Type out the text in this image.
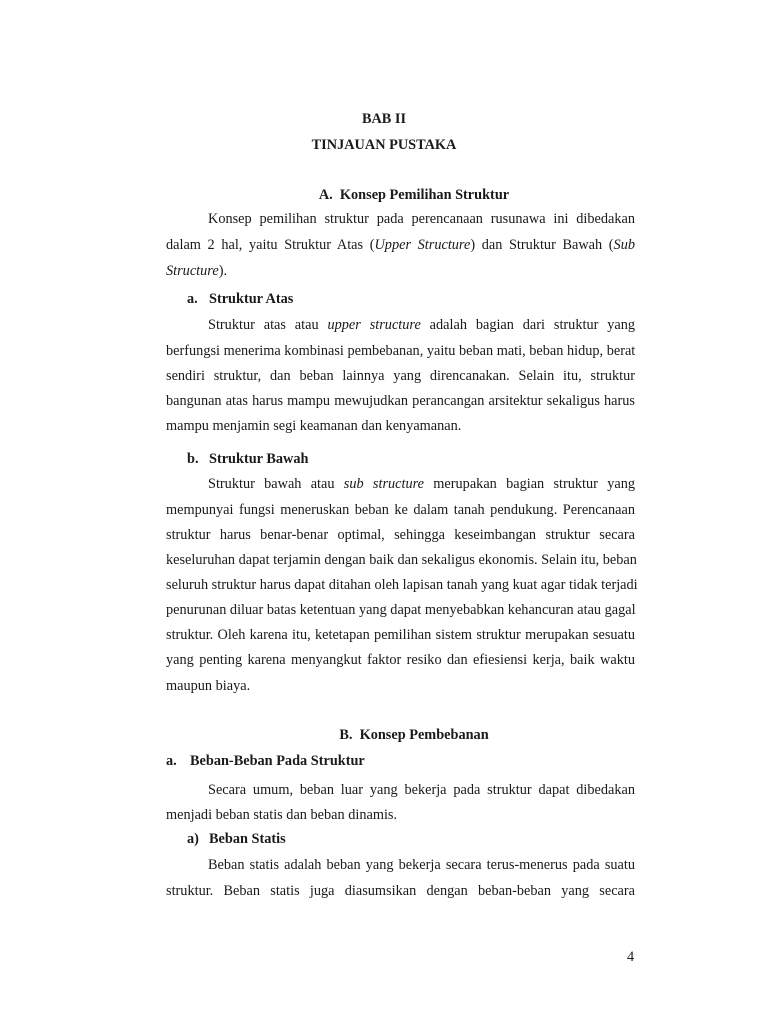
BAB II
TINJAUAN PUSTAKA
A.  Konsep Pemilihan Struktur
Konsep pemilihan struktur pada perencanaan rusunawa ini dibedakan
dalam 2 hal, yaitu Struktur Atas (Upper Structure) dan Struktur Bawah (Sub
Structure).
a. Struktur Atas
Struktur atas atau upper structure adalah bagian dari struktur yang
berfungsi menerima kombinasi pembebanan, yaitu beban mati, beban hidup, berat
sendiri struktur, dan beban lainnya yang direncanakan. Selain itu, struktur
bangunan atas harus mampu mewujudkan perancangan arsitektur sekaligus harus
mampu menjamin segi keamanan dan kenyamanan.
b. Struktur Bawah
Struktur bawah atau sub structure merupakan bagian struktur yang
mempunyai fungsi meneruskan beban ke dalam tanah pendukung. Perencanaan
struktur harus benar-benar optimal, sehingga keseimbangan struktur secara
keseluruhan dapat terjamin dengan baik dan sekaligus ekonomis. Selain itu, beban
seluruh struktur harus dapat ditahan oleh lapisan tanah yang kuat agar tidak terjadi
penurunan diluar batas ketentuan yang dapat menyebabkan kehancuran atau gagal
struktur. Oleh karena itu, ketetapan pemilihan sistem struktur merupakan sesuatu
yang penting karena menyangkut faktor resiko dan efiesiensi kerja, baik waktu
maupun biaya.
B.  Konsep Pembebanan
a. Beban-Beban Pada Struktur
Secara umum, beban luar yang bekerja pada struktur dapat dibedakan
menjadi beban statis dan beban dinamis.
a) Beban Statis
Beban statis adalah beban yang bekerja secara terus-menerus pada suatu
struktur. Beban statis juga diasumsikan dengan beban-beban yang secara
4
